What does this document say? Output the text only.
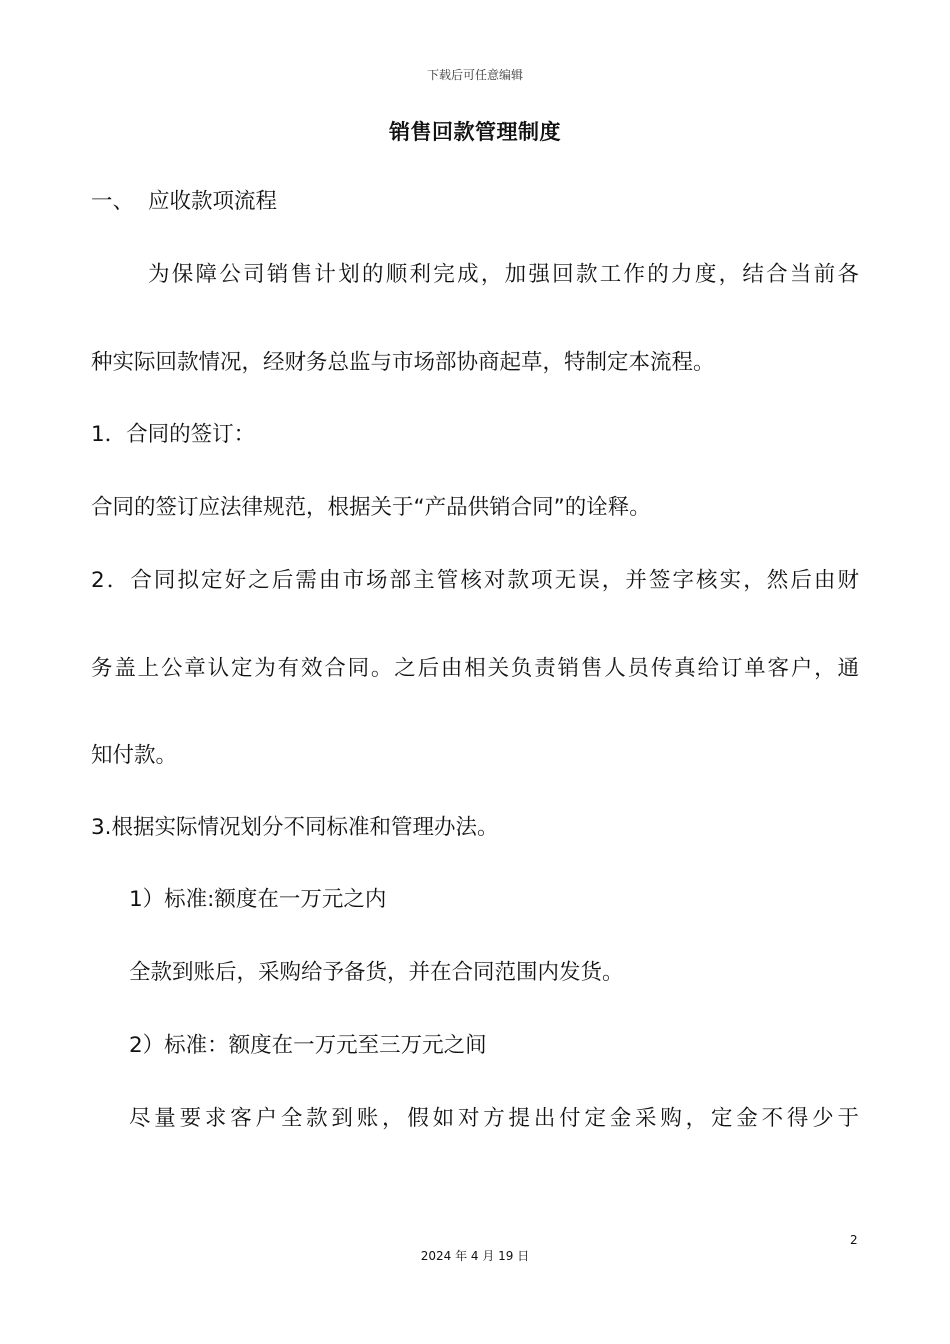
下载后可任意编辑
销售回款管理制度
一、 应收款项流程
为保障公司销售计划的顺利完成，加强回款工作的力度，结合当前各
种实际回款情况，经财务总监与市场部协商起草，特制定本流程。
1．合同的签订：
合同的签订应法律规范，根据关于“产品供销合同”的诠释。
2．合同拟定好之后需由市场部主管核对款项无误，并签字核实，然后由财
务盖上公章认定为有效合同。之后由相关负责销售人员传真给订单客户，通
知付款。
3.根据实际情况划分不同标准和管理办法。
1）标准:额度在一万元之内
全款到账后，采购给予备货，并在合同范围内发货。
2）标准：额度在一万元至三万元之间
尽量要求客户全款到账，假如对方提出付定金采购，定金不得少于
2
2024 年 4 月 19 日
